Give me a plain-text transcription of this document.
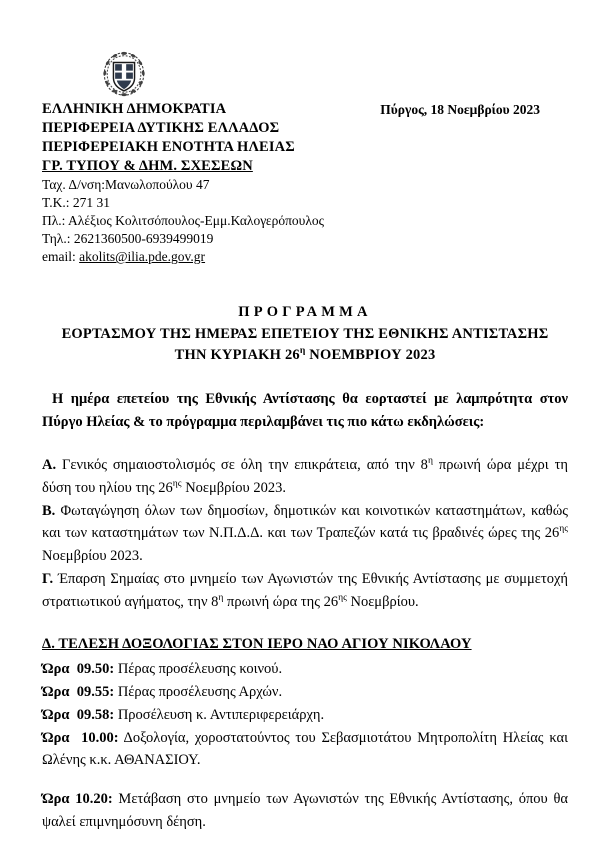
ΕΛΛΗΝΙΚΗ ΔΗΜΟΚΡΑΤΙΑ
ΠΕΡΙΦΕΡΕΙΑ ΔΥΤΙΚΗΣ ΕΛΛΑΔΟΣ
ΠΕΡΙΦΕΡΕΙΑΚΗ ΕΝΟΤΗΤΑ ΗΛΕΙΑΣ
ΓΡ. ΤΥΠΟΥ & ΔΗΜ. ΣΧΕΣΕΩΝ
Πύργος, 18 Νοεμβρίου 2023
Ταχ. Δ/νση:Μανωλοπούλου 47
Τ.Κ.: 271 31
Πλ.: Αλέξιος Κολιτσόπουλος-Εμμ.Καλογερόπουλος
Τηλ.: 2621360500-6939499019
email: akolits@ilia.pde.gov.gr
ΠΡΟΓΡΑΜΜΑ
ΕΟΡΤΑΣΜΟΥ ΤΗΣ ΗΜΕΡΑΣ ΕΠΕΤΕΙΟΥ ΤΗΣ ΕΘΝΙΚΗΣ ΑΝΤΙΣΤΑΣΗΣ
ΤΗΝ ΚΥΡΙΑΚΗ $26^\eta$ ΝΟΕΜΒΡΙΟΥ 2023

Η ημέρα επετείου της Εθνικής Αντίστασης θα εορταστεί με λαμπρότητα στον Πύργο Ηλείας & το πρόγραμμα περιλαμβάνει τις πιο κάτω εκδηλώσεις:

Α. Γενικός σημαιοστολισμός σε όλη την επικράτεια, από την $8^\eta$ πρωινή ώρα μέχρι τη δύση του ηλίου της $26^{\eta\varsigma}$ Νοεμβρίου 2023.

Β. Φωταγώγηση όλων των δημοσίων, δημοτικών και κοινοτικών καταστημάτων, καθώς και των καταστημάτων των Ν.Π.Δ.Δ. και των Τραπεζών κατά τις βραδινές ώρες της $26^{\eta\varsigma}$ Νοεμβρίου 2023.

Γ. Έπαρση Σημαίας στο μνημείο των Αγωνιστών της Εθνικής Αντίστασης με συμμετοχή στρατιωτικού αγήματος, την $8^\eta$ πρωινή ώρα της $26^{\eta\varsigma}$ Νοεμβρίου.

Δ. ΤΕΛΕΣΗ ΔΟΞΟΛΟΓΙΑΣ ΣΤΟΝ ΙΕΡΟ ΝΑΟ ΑΓΙΟΥ ΝΙΚΟΛΑΟΥ
Ώρα 09.50: Πέρας προσέλευσης κοινού.
Ώρα 09.55: Πέρας προσέλευσης Αρχών.
Ώρα 09.58: Προσέλευση κ. Αντιπεριφερειάρχη.
Ώρα 10.00: Δοξολογία, χοροστατούντος του Σεβασμιοτάτου Μητροπολίτη Ηλείας και Ωλένης κ.κ. ΑΘΑΝΑΣΙΟΥ.

Ώρα 10.20: Μετάβαση στο μνημείο των Αγωνιστών της Εθνικής Αντίστασης, όπου θα ψαλεί επιμνημόσυνη δέηση.
